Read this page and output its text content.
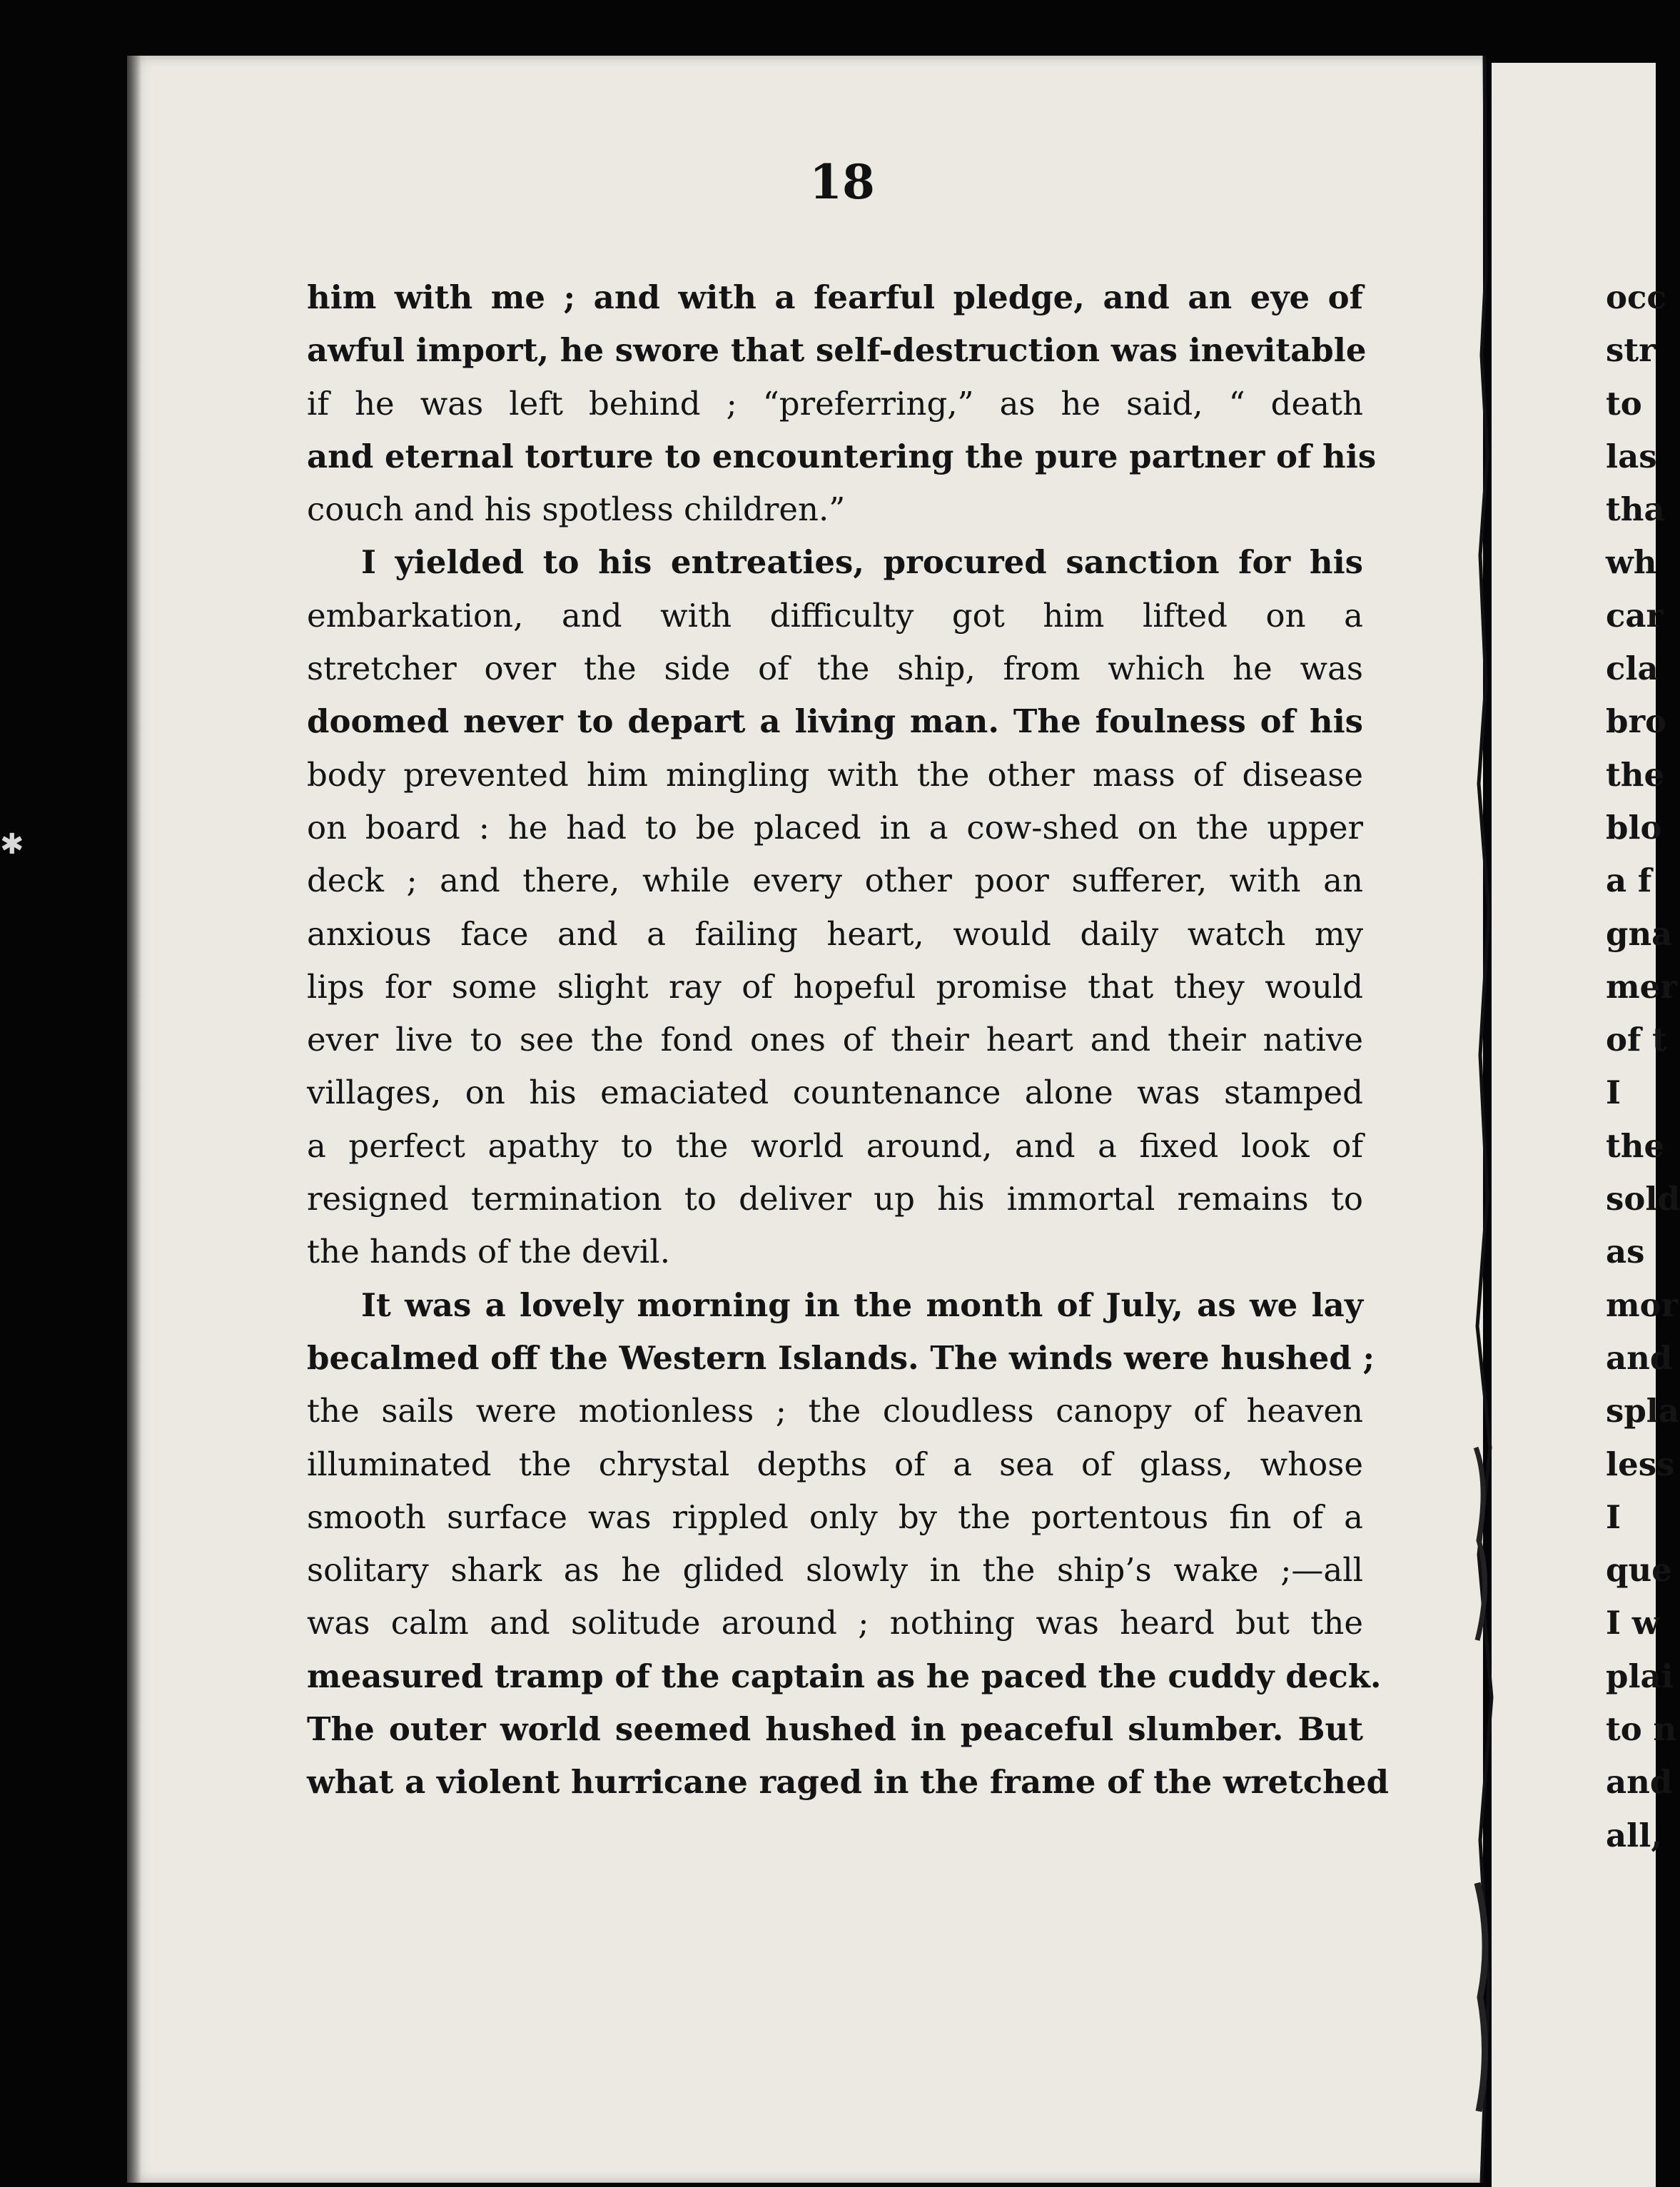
18
him with me ; and with a fearful pledge, and an eye of
awful import, he swore that self-destruction was inevitable
if he was left behind ; “preferring,” as he said, “ death
and eternal torture to encountering the pure partner of his
couch and his spotless children.”
I yielded to his entreaties, procured sanction for his
embarkation, and with difficulty got him lifted on a
stretcher over the side of the ship, from which he was
doomed never to depart a living man. The foulness of his
body prevented him mingling with the other mass of disease
on board : he had to be placed in a cow-shed on the upper
deck ; and there, while every other poor sufferer, with an
anxious face and a failing heart, would daily watch my
lips for some slight ray of hopeful promise that they would
ever live to see the fond ones of their heart and their native
villages, on his emaciated countenance alone was stamped
a perfect apathy to the world around, and a fixed look of
resigned termination to deliver up his immortal remains to
the hands of the devil.
It was a lovely morning in the month of July, as we lay
becalmed off the Western Islands. The winds were hushed ;
the sails were motionless ; the cloudless canopy of heaven
illuminated the chrystal depths of a sea of glass, whose
smooth surface was rippled only by the portentous fin of a
solitary shark as he glided slowly in the ship’s wake ;—all
was calm and solitude around ; nothing was heard but the
measured tramp of the captain as he paced the cuddy deck.
The outer world seemed hushed in peaceful slumber. But
what a violent hurricane raged in the frame of the wretched
occ
str
to
las
tha
wh
car
cla
bro
the
blo
a f
gna
mer
of t
I
the
sold
as
mor
and
spla
less
I
que
I w
plai
to n
and
all,
✱
